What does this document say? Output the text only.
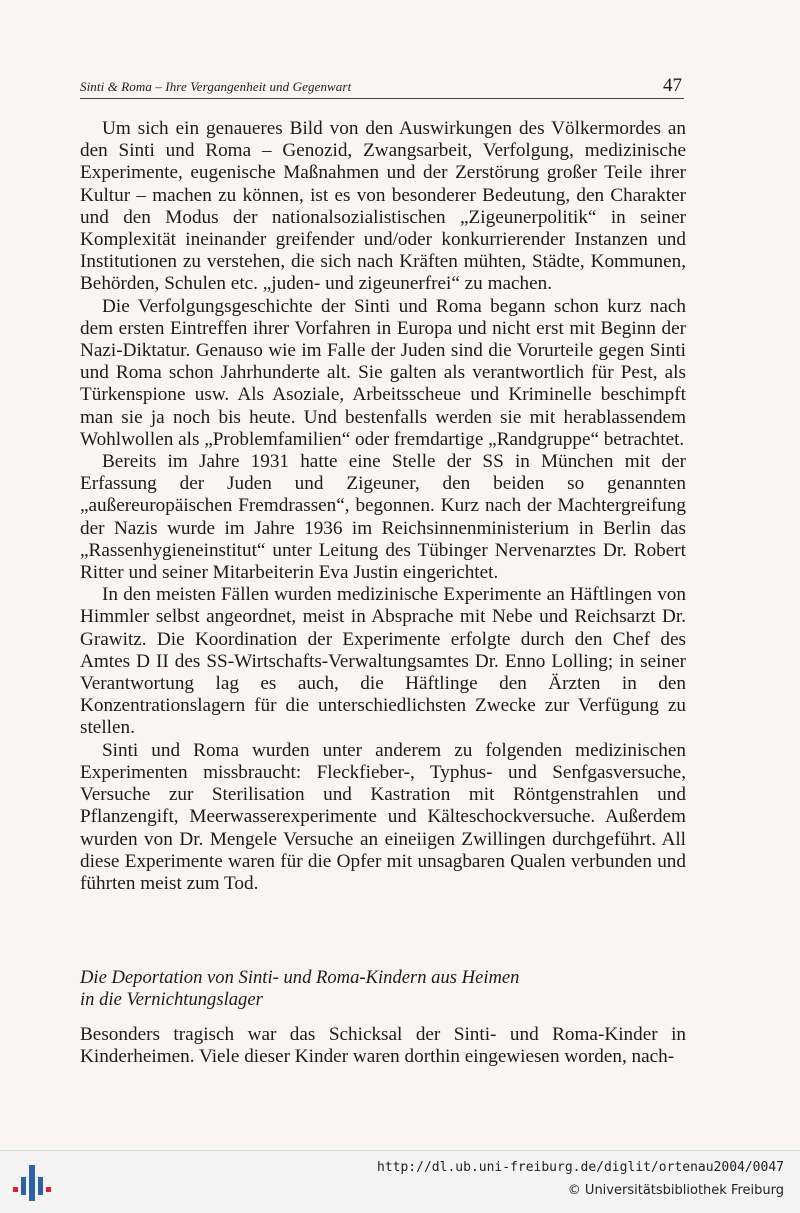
Sinti & Roma – Ihre Vergangenheit und Gegenwart	47

Um sich ein genaueres Bild von den Auswirkungen des Völkermordes an den Sinti und Roma – Genozid, Zwangsarbeit, Verfolgung, medizinische Experimente, eugenische Maßnahmen und der Zerstörung großer Teile ihrer Kultur – machen zu können, ist es von besonderer Bedeutung, den Charakter und den Modus der nationalsozialistischen „Zigeunerpolitik“ in seiner Komplexität ineinander greifender und/oder konkurrierender Instanzen und Institutionen zu verstehen, die sich nach Kräften mühten, Städte, Kommunen, Behörden, Schulen etc. „juden- und zigeunerfrei“ zu machen.

Die Verfolgungsgeschichte der Sinti und Roma begann schon kurz nach dem ersten Eintreffen ihrer Vorfahren in Europa und nicht erst mit Beginn der Nazi-Diktatur. Genauso wie im Falle der Juden sind die Vorurteile gegen Sinti und Roma schon Jahrhunderte alt. Sie galten als verantwortlich für Pest, als Türkenspione usw. Als Asoziale, Arbeitsscheue und Kriminelle beschimpft man sie ja noch bis heute. Und bestenfalls werden sie mit herablassendem Wohlwollen als „Problemfamilien“ oder fremdartige „Randgruppe“ betrachtet.

Bereits im Jahre 1931 hatte eine Stelle der SS in München mit der Erfassung der Juden und Zigeuner, den beiden so genannten „außereuropäischen Fremdrassen“, begonnen. Kurz nach der Machtergreifung der Nazis wurde im Jahre 1936 im Reichsinnenministerium in Berlin das „Rassenhygieneinstitut“ unter Leitung des Tübinger Nervenarztes Dr. Robert Ritter und seiner Mitarbeiterin Eva Justin eingerichtet.

In den meisten Fällen wurden medizinische Experimente an Häftlingen von Himmler selbst angeordnet, meist in Absprache mit Nebe und Reichsarzt Dr. Grawitz. Die Koordination der Experimente erfolgte durch den Chef des Amtes D II des SS-Wirtschafts-Verwaltungsamtes Dr. Enno Lolling; in seiner Verantwortung lag es auch, die Häftlinge den Ärzten in den Konzentrationslagern für die unterschiedlichsten Zwecke zur Verfügung zu stellen.

Sinti und Roma wurden unter anderem zu folgenden medizinischen Experimenten missbraucht: Fleckfieber-, Typhus- und Senfgasversuche, Versuche zur Sterilisation und Kastration mit Röntgenstrahlen und Pflanzengift, Meerwasserexperimente und Kälteschockversuche. Außerdem wurden von Dr. Mengele Versuche an eineiigen Zwillingen durchgeführt. All diese Experimente waren für die Opfer mit unsagbaren Qualen verbunden und führten meist zum Tod.

Die Deportation von Sinti- und Roma-Kindern aus Heimen
in die Vernichtungslager

Besonders tragisch war das Schicksal der Sinti- und Roma-Kinder in Kinderheimen. Viele dieser Kinder waren dorthin eingewiesen worden, nach-

http://dl.ub.uni-freiburg.de/diglit/ortenau2004/0047
© Universitätsbibliothek Freiburg
